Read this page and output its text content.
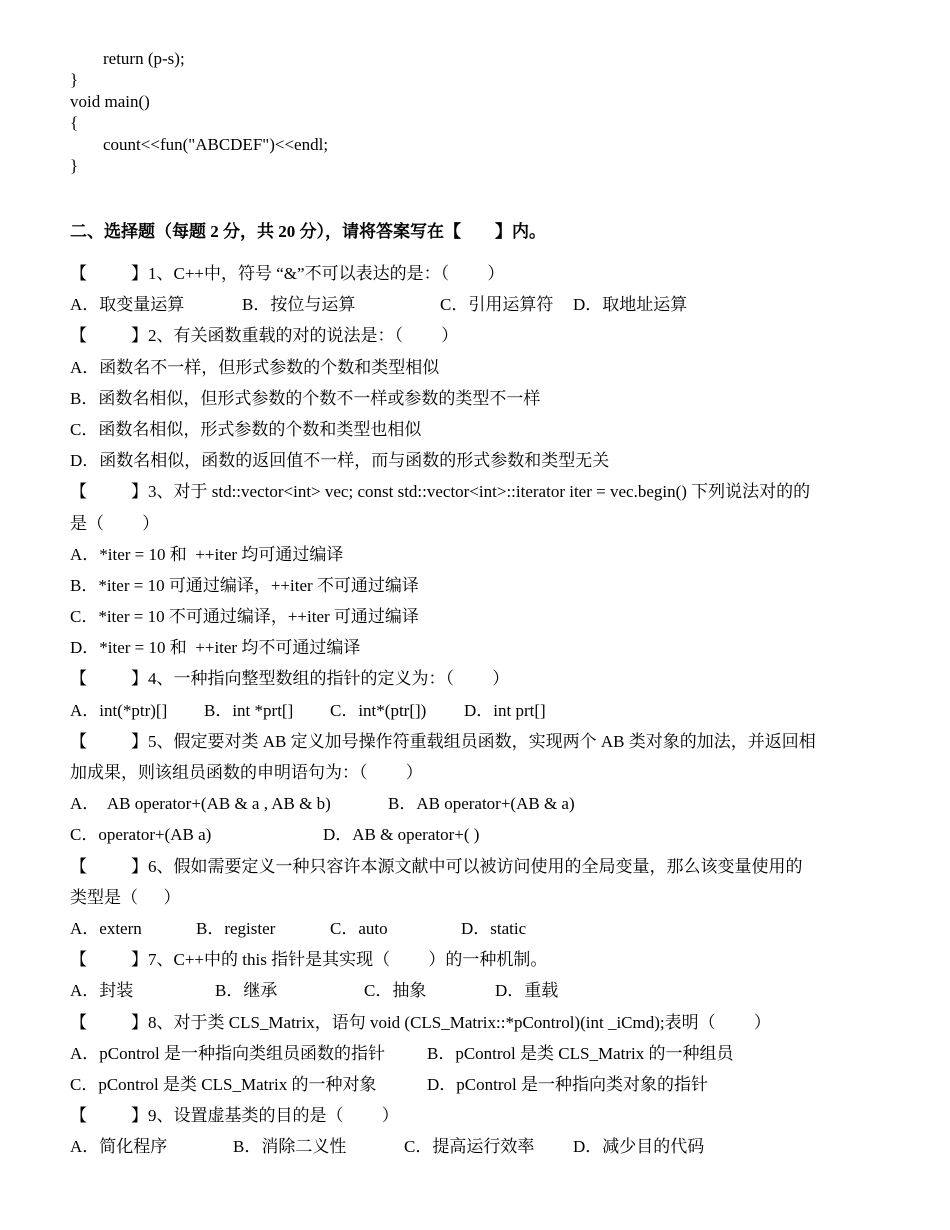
return (p-s);
}
void main()
{
count<<fun("ABCDEF")<<endl;
}
二、选择题（每题 2 分，共 20 分），请将答案写在【        】内。
【	】1、C++中，符号 “&”不可以表达的是：（         ）
A．取变量运算	B．按位与运算	C．引用运算符	D．取地址运算
【	】2、有关函数重载的对的说法是：（         ）
A．函数名不一样，但形式参数的个数和类型相似
B．函数名相似，但形式参数的个数不一样或参数的类型不一样
C．函数名相似，形式参数的个数和类型也相似
D．函数名相似，函数的返回值不一样，而与函数的形式参数和类型无关
【	】3、对于 std::vector<int> vec; const std::vector<int>::iterator iter = vec.begin() 下列说法对的的
是（         ）
A．*iter = 10 和  ++iter 均可通过编译
B．*iter = 10 可通过编译，++iter 不可通过编译
C．*iter = 10 不可通过编译，++iter 可通过编译
D．*iter = 10 和  ++iter 均不可通过编译
【	】4、一种指向整型数组的指针的定义为：（         ）
A．int(*ptr)[]	B．int *prt[]	C．int*(ptr[])	D．int prt[]
【	】5、假定要对类 AB 定义加号操作符重载组员函数，实现两个 AB 类对象的加法，并返回相
加成果，则该组员函数的申明语句为：（         ）
A．  AB operator+(AB & a , AB & b)	B．AB operator+(AB & a)
C．operator+(AB a)	D．AB & operator+( )
【	】6、假如需要定义一种只容许本源文献中可以被访问使用的全局变量，那么该变量使用的
类型是（      ）
A．extern	B．register	C．auto	D．static
【	】7、C++中的 this 指针是其实现（         ）的一种机制。
A．封装	B．继承	C．抽象	D．重载
【	】8、对于类 CLS_Matrix，语句 void (CLS_Matrix::*pControl)(int _iCmd);表明（         ）
A．pControl 是一种指向类组员函数的指针	B．pControl 是类 CLS_Matrix 的一种组员
C．pControl 是类 CLS_Matrix 的一种对象	D．pControl 是一种指向类对象的指针
【	】9、设置虚基类的目的是（         ）
A．简化程序	B．消除二义性	C．提高运行效率	D．减少目的代码
